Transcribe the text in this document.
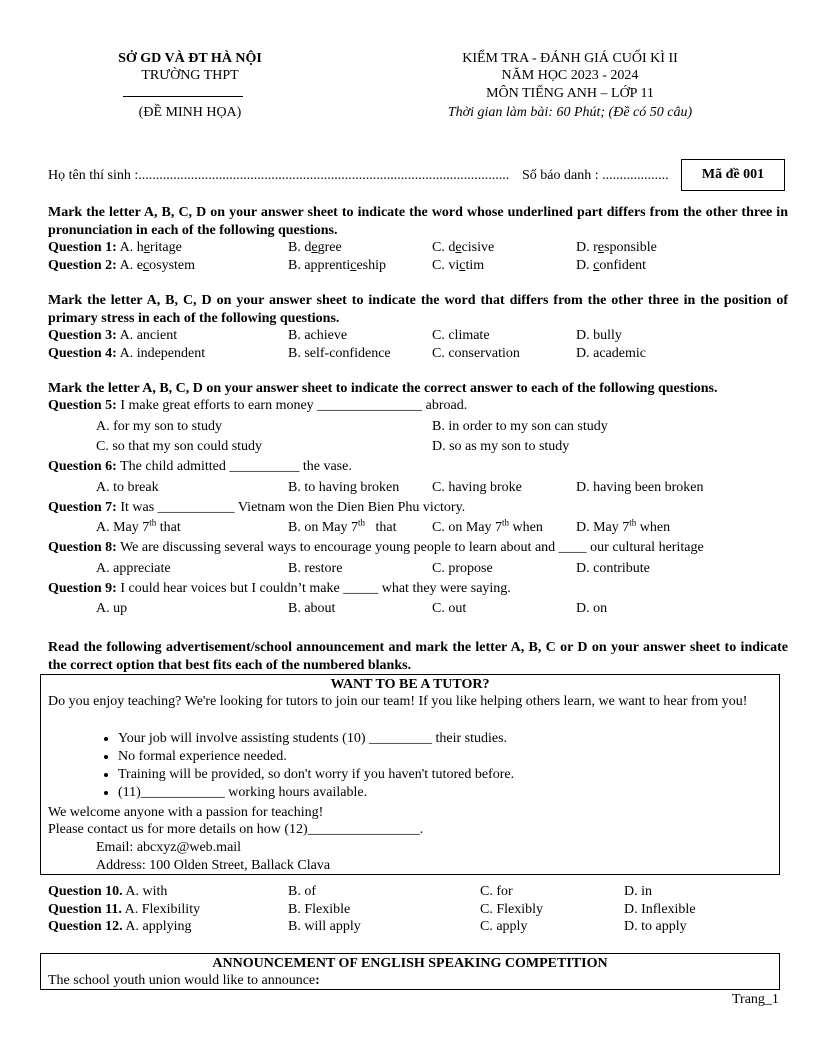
SỞ GD VÀ ĐT HÀ NỘI
TRƯỜNG THPT
(ĐỀ MINH HỌA)
KIỂM TRA - ĐÁNH GIÁ CUỐI KÌ II
NĂM HỌC 2023 - 2024
MÔN TIẾNG ANH – LỚP 11
Thời gian làm bài: 60 Phút; (Đề có 50 câu)
Họ tên thí sinh :.......................................................................................................... Số báo danh : ...................	Mã đề 001
Mark the letter A, B, C, D on your answer sheet to indicate the word whose underlined part differs from the other three in pronunciation in each of the following questions.
Question 1: A. heritage	B. degree	C. decisive	D. responsible
Question 2: A. ecosystem	B. apprenticeship	C. victim	D. confident
Mark the letter A, B, C, D on your answer sheet to indicate the word that differs from the other three in the position of primary stress in each of the following questions.
Question 3: A. ancient	B. achieve	C. climate	D. bully
Question 4: A. independent	B. self-confidence	C. conservation	D. academic
Mark the letter A, B, C, D on your answer sheet to indicate the correct answer to each of the following questions.
Question 5: I make great efforts to earn money _______________ abroad.
A. for my son to study	B. in order to my son can study
C. so that my son could study	D. so as my son to study
Question 6: The child admitted __________ the vase.
A. to break	B. to having broken C. having broke	D. having been broken
Question 7: It was ___________ Vietnam won the Dien Bien Phu victory.
A. May 7th that	B. on May 7th   that	C. on May 7th when D. May 7th when
Question 8: We are discussing several ways to encourage young people to learn about and ____ our cultural heritage
A. appreciate	B. restore	C. propose	D. contribute
Question 9: I could hear voices but I couldn’t make _____ what they were saying.
A. up	B. about	C. out	D. on
Read the following advertisement/school announcement and mark the letter A, B, C or D on your answer sheet to indicate the correct option that best fits each of the numbered blanks.
WANT TO BE A TUTOR?
Do you enjoy teaching? We're looking for tutors to join our team! If you like helping others learn, we want to hear from you!
• Your job will involve assisting students (10) _________ their studies.
• No formal experience needed.
• Training will be provided, so don't worry if you haven't tutored before.
• (11)____________ working hours available.
We welcome anyone with a passion for teaching!
Please contact us for more details on how (12)________________.
Email: abcxyz@web.mail
Address: 100 Olden Street, Ballack Clava
Question 10. A. with	B. of	C. for	D. in
Question 11. A. Flexibility	B. Flexible	C. Flexibly	D. Inflexible
Question 12. A. applying	B. will apply	C. apply	D. to apply
ANNOUNCEMENT OF ENGLISH SPEAKING COMPETITION
The school youth union would like to announce:
Trang_1
